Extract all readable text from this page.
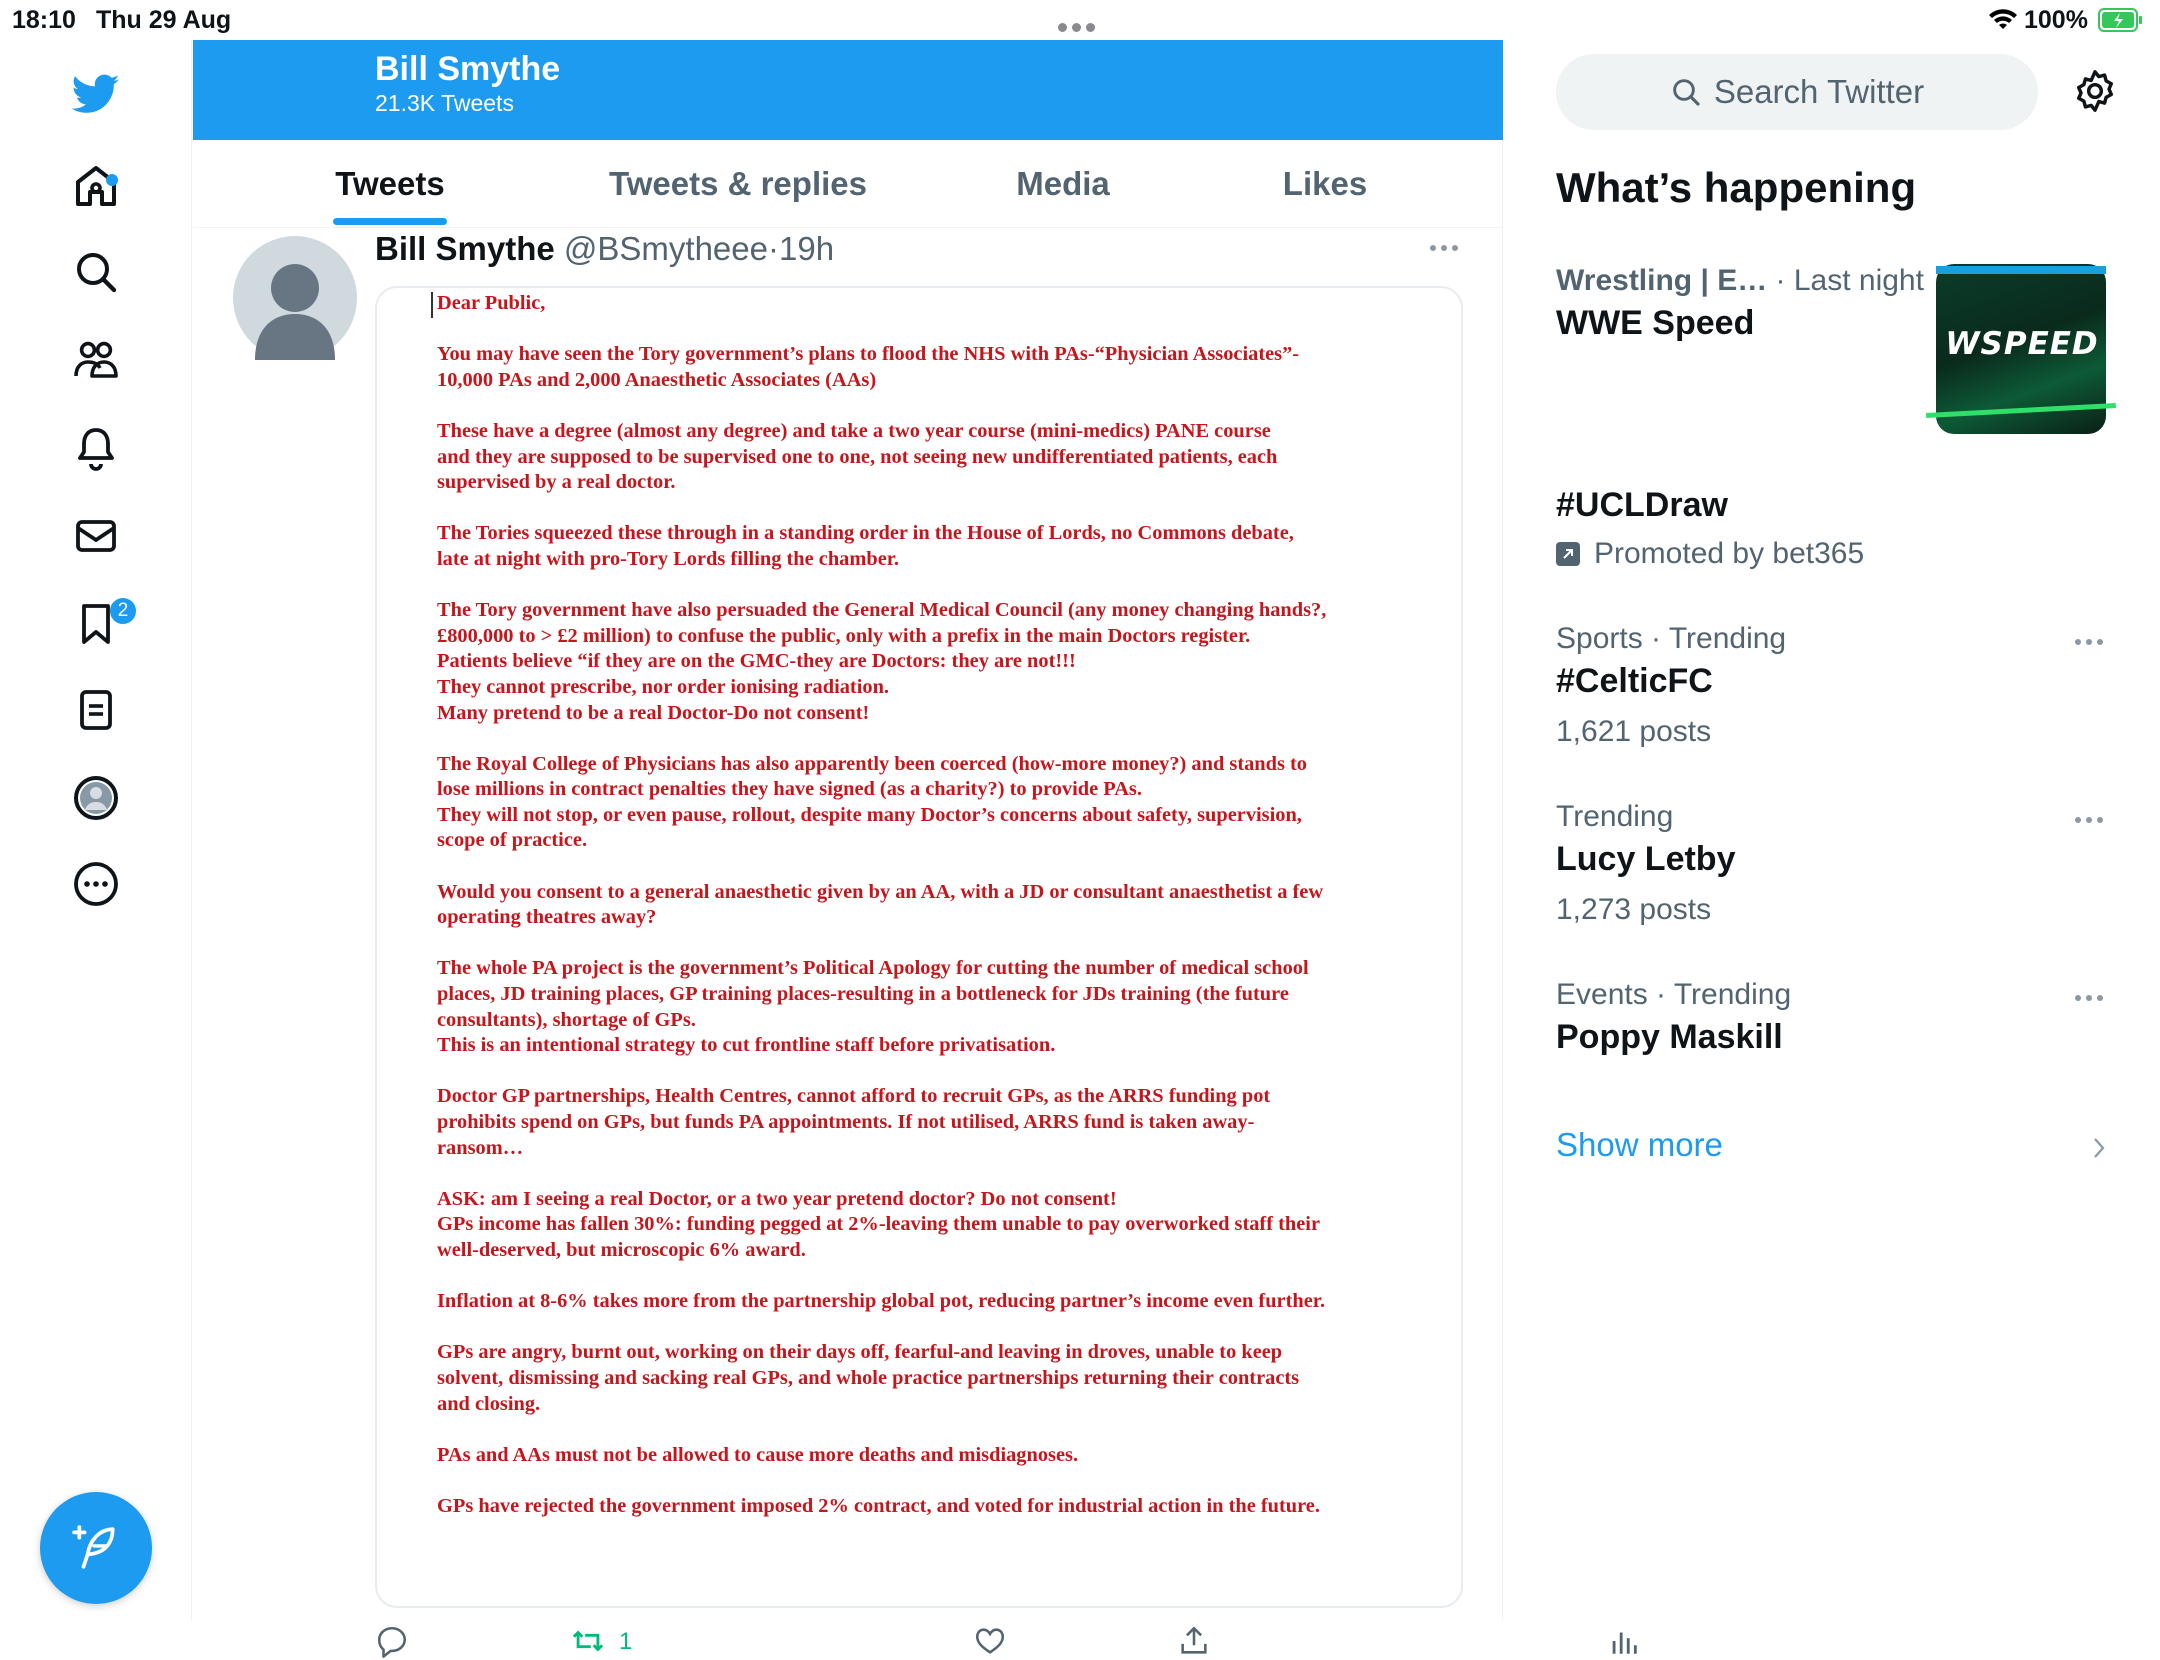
18:10 Thu 29 Aug	100%
2
Bill Smythe
21.3K Tweets
Tweets	Tweets & replies	Media	Likes
Bill Smythe @BSmytheee·19h

Dear Public,

You may have seen the Tory government’s plans to flood the NHS with PAs-“Physician Associates”-
10,000 PAs and 2,000 Anaesthetic Associates (AAs)

These have a degree (almost any degree) and take a two year course (mini-medics) PANE course
and they are supposed to be supervised one to one, not seeing new undifferentiated patients, each
supervised by a real doctor.

The Tories squeezed these through in a standing order in the House of Lords, no Commons debate,
late at night with pro-Tory Lords filling the chamber.

The Tory government have also persuaded the General Medical Council (any money changing hands?,
£800,000 to > £2 million) to confuse the public, only with a prefix in the main Doctors register.
Patients believe “if they are on the GMC-they are Doctors: they are not!!!
They cannot prescribe, nor order ionising radiation.
Many pretend to be a real Doctor-Do not consent!

The Royal College of Physicians has also apparently been coerced (how-more money?) and stands to
lose millions in contract penalties they have signed (as a charity?) to provide PAs.
They will not stop, or even pause, rollout, despite many Doctor’s concerns about safety, supervision,
scope of practice.

Would you consent to a general anaesthetic given by an AA, with a JD or consultant anaesthetist a few
operating theatres away?

The whole PA project is the government’s Political Apology for cutting the number of medical school
places, JD training places, GP training places-resulting in a bottleneck for JDs training (the future
consultants), shortage of GPs.
This is an intentional strategy to cut frontline staff before privatisation.

Doctor GP partnerships, Health Centres, cannot afford to recruit GPs, as the ARRS funding pot
prohibits spend on GPs, but funds PA appointments. If not utilised, ARRS fund is taken away-
ransom…

ASK: am I seeing a real Doctor, or a two year pretend doctor? Do not consent!
GPs income has fallen 30%: funding pegged at 2%-leaving them unable to pay overworked staff their
well-deserved, but microscopic 6% award.

Inflation at 8-6% takes more from the partnership global pot, reducing partner’s income even further.

GPs are angry, burnt out, working on their days off, fearful-and leaving in droves, unable to keep
solvent, dismissing and sacking real GPs, and whole practice partnerships returning their contracts
and closing.

PAs and AAs must not be allowed to cause more deaths and misdiagnoses.

GPs have rejected the government imposed 2% contract, and voted for industrial action in the future.

1
Search Twitter
What’s happening
Wrestling | E… · Last night
WWE Speed
WSPEED
#UCLDraw
Promoted by bet365
Sports · Trending
#CelticFC
1,621 posts
Trending
Lucy Letby
1,273 posts
Events · Trending
Poppy Maskill
Show more
